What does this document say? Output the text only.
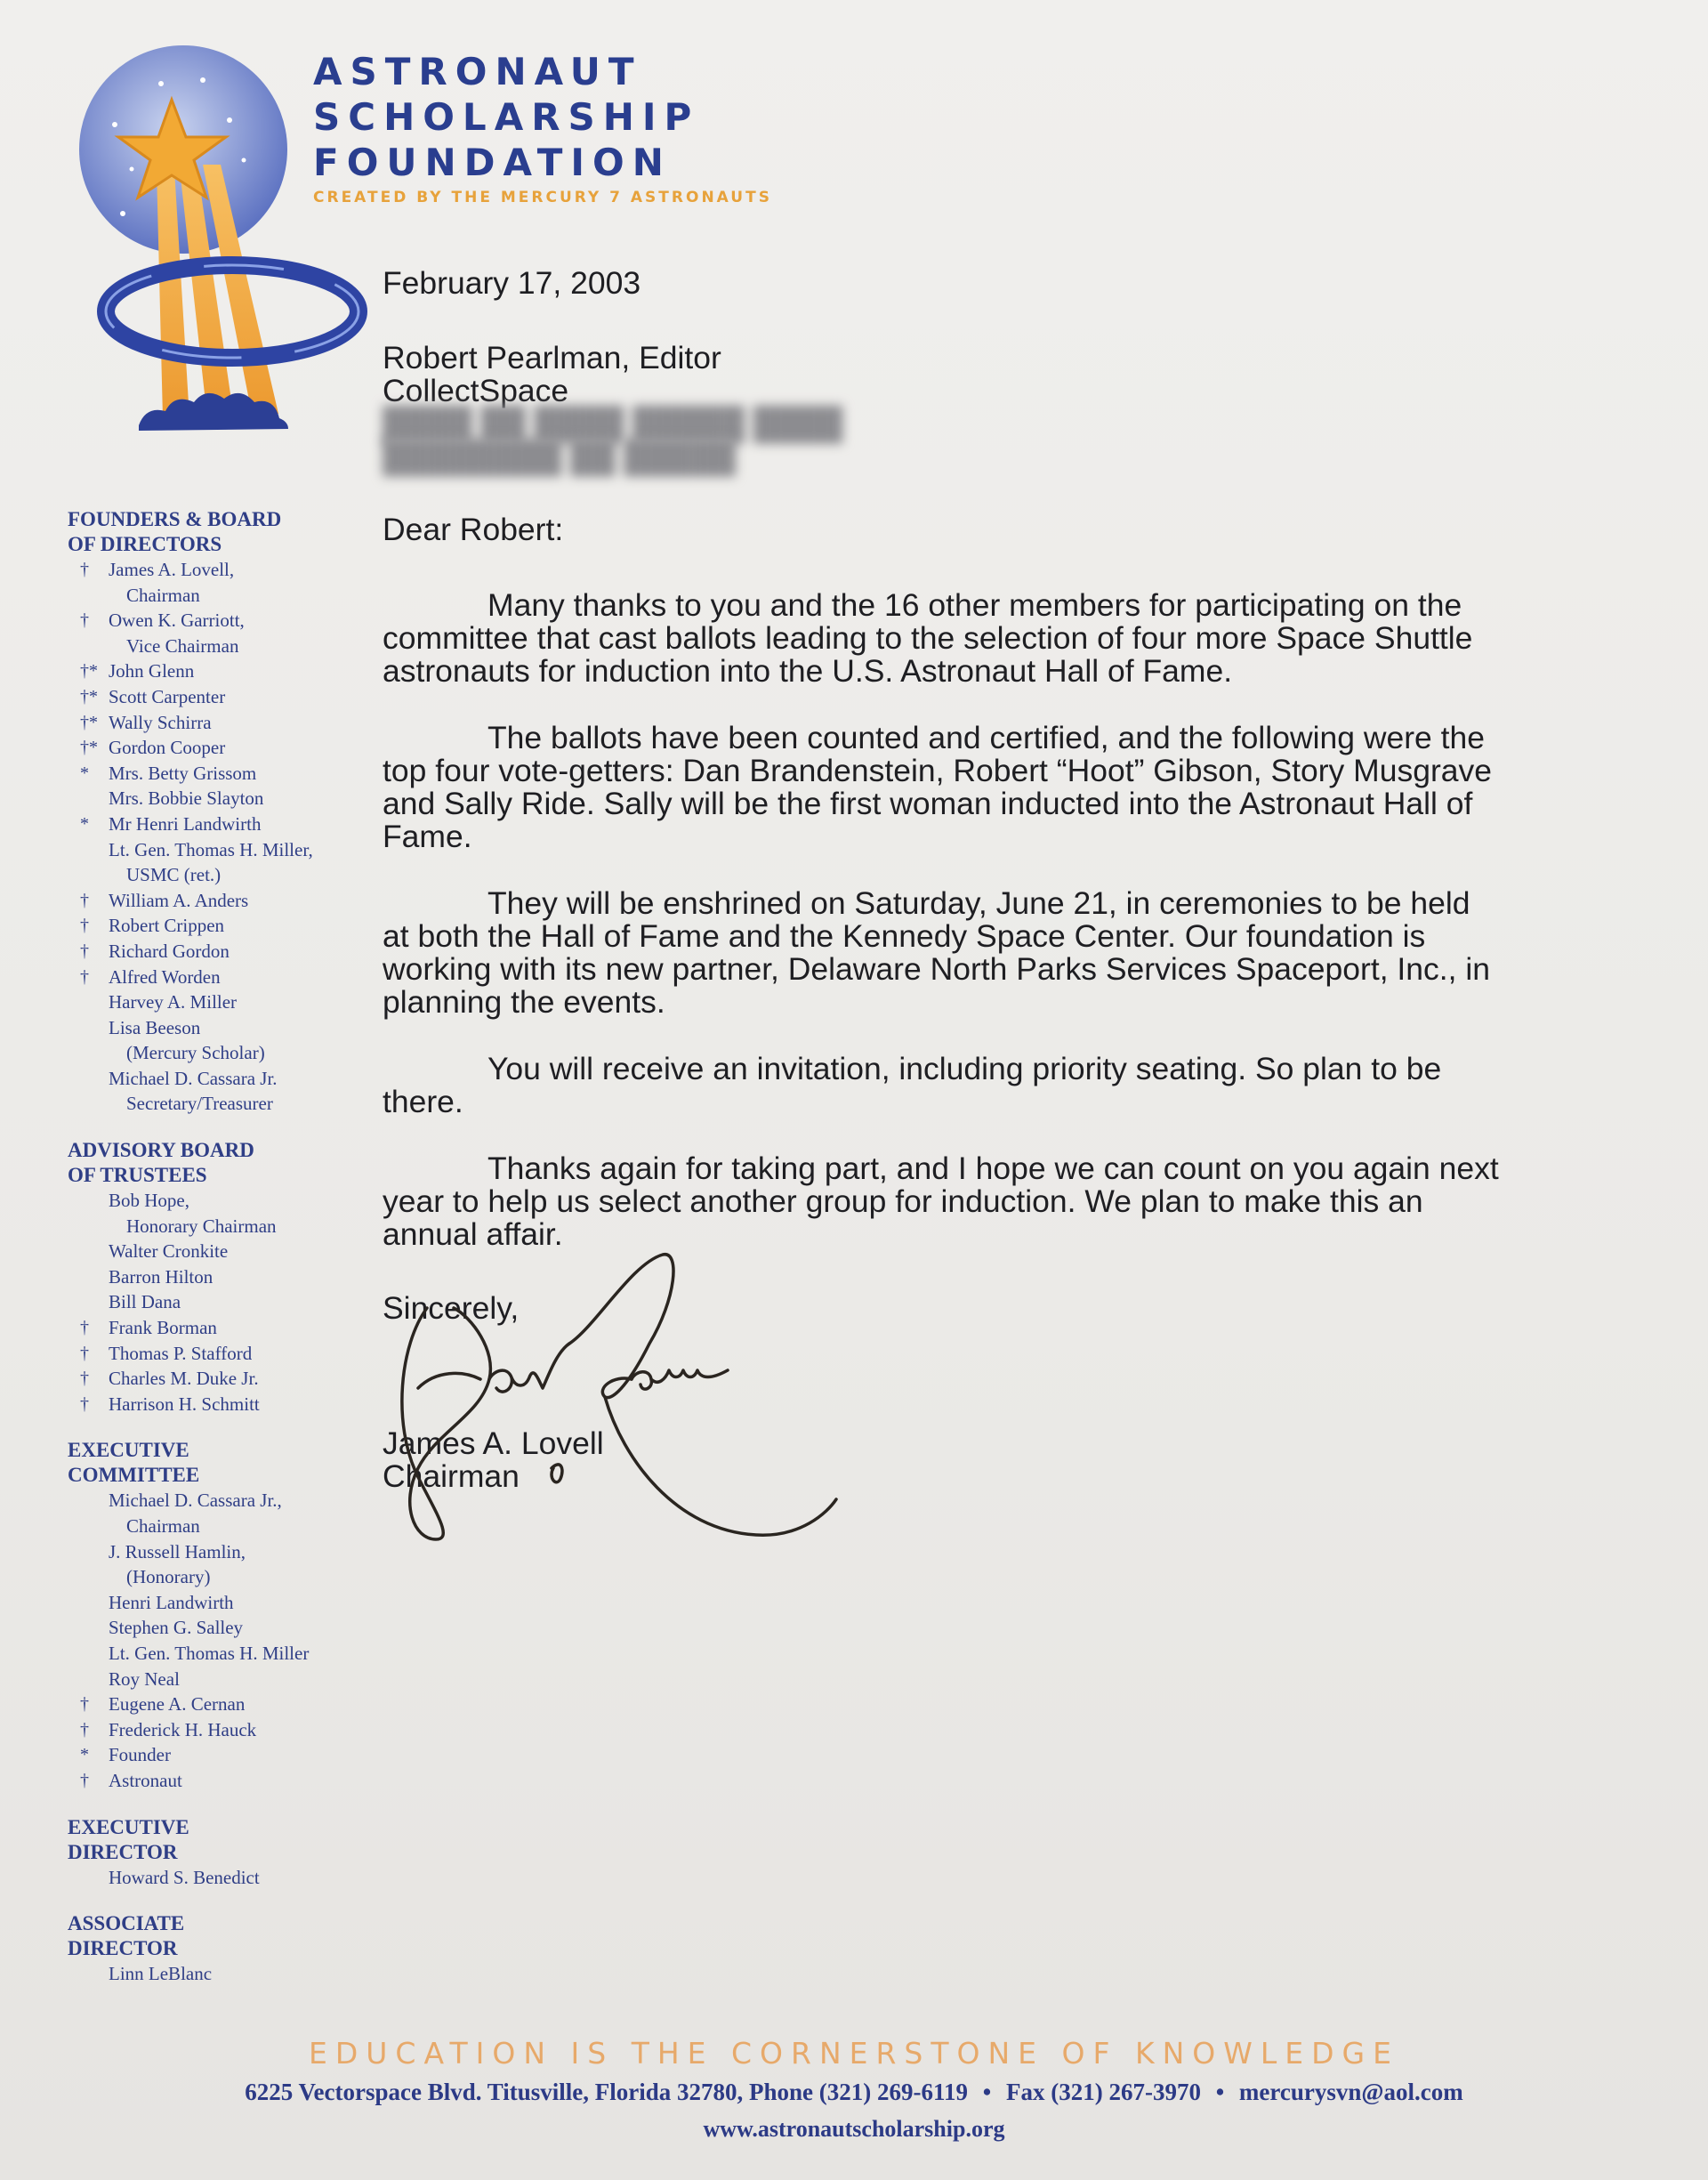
ASTRONAUT
SCHOLARSHIP
FOUNDATION
CREATED BY THE MERCURY 7 ASTRONAUTS
FOUNDERS & BOARD
OF DIRECTORS
†	James A. Lovell,
Chairman
†	Owen K. Garriott,
Vice Chairman
†* John Glenn
†* Scott Carpenter
†* Wally Schirra
†* Gordon Cooper
*	Mrs. Betty Grissom
Mrs. Bobbie Slayton
*	Mr Henri Landwirth
Lt. Gen. Thomas H. Miller,
USMC (ret.)
†	William A. Anders
†	Robert Crippen
†	Richard Gordon
†	Alfred Worden
Harvey A. Miller
Lisa Beeson
(Mercury Scholar)
Michael D. Cassara Jr.
Secretary/Treasurer
ADVISORY BOARD
OF TRUSTEES
Bob Hope,
Honorary Chairman
Walter Cronkite
Barron Hilton
Bill Dana
†	Frank Borman
†	Thomas P. Stafford
†	Charles M. Duke Jr.
†	Harrison H. Schmitt
EXECUTIVE
COMMITTEE
Michael D. Cassara Jr.,
Chairman
J. Russell Hamlin,
(Honorary)
Henri Landwirth
Stephen G. Salley
Lt. Gen. Thomas H. Miller
Roy Neal
†	Eugene A. Cernan
†	Frederick H. Hauck
*	Founder
†	Astronaut
EXECUTIVE
DIRECTOR
Howard S. Benedict
ASSOCIATE
DIRECTOR
Linn LeBlanc
February 17, 2003
Robert Pearlman, Editor
CollectSpace
████ ██ ████ █████ ████
████████ ██ █████
Dear Robert:

Many thanks to you and the 16 other members for participating on the committee that cast ballots leading to the selection of four more Space Shuttle astronauts for induction into the U.S. Astronaut Hall of Fame.

The ballots have been counted and certified, and the following were the top four vote-getters: Dan Brandenstein, Robert “Hoot” Gibson, Story Musgrave and Sally Ride. Sally will be the first woman inducted into the Astronaut Hall of Fame.

They will be enshrined on Saturday, June 21, in ceremonies to be held at both the Hall of Fame and the Kennedy Space Center. Our foundation is working with its new partner, Delaware North Parks Services Spaceport, Inc., in planning the events.

You will receive an invitation, including priority seating. So plan to be there.

Thanks again for taking part, and I hope we can count on you again next year to help us select another group for induction. We plan to make this an annual affair.

Sincerely,
James A. Lovell
Chairman
EDUCATION IS THE CORNERSTONE OF KNOWLEDGE
6225 Vectorspace Blvd. Titusville, Florida 32780, Phone (321) 269-6119 • Fax (321) 267-3970 • mercurysvn@aol.com
www.astronautscholarship.org
